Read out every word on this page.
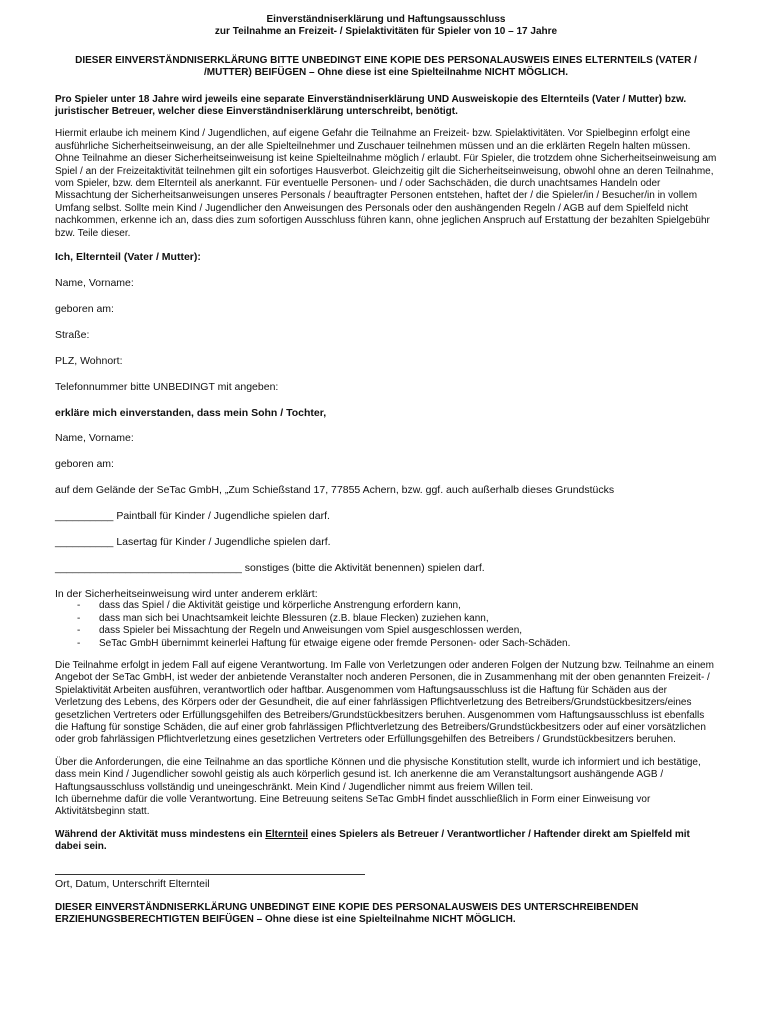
Einverständniserklärung und Haftungsausschluss
zur Teilnahme an Freizeit- / Spielaktivitäten für Spieler von 10 – 17 Jahre
DIESER EINVERSTÄNDNISERKLÄRUNG BITTE UNBEDINGT EINE KOPIE DES PERSONALAUSWEIS EINES ELTERNTEILS (VATER / /MUTTER) BEIFÜGEN – Ohne diese ist eine Spielteilnahme NICHT MÖGLICH.
Pro Spieler unter 18 Jahre wird jeweils eine separate Einverständniserklärung UND Ausweiskopie des Elternteils (Vater / Mutter) bzw. juristischer Betreuer, welcher diese Einverständniserklärung unterschreibt, benötigt.
Hiermit erlaube ich meinem Kind / Jugendlichen, auf eigene Gefahr die Teilnahme an Freizeit- bzw. Spielaktivitäten. Vor Spielbeginn erfolgt eine ausführliche Sicherheitseinweisung, an der alle Spielteilnehmer und Zuschauer teilnehmen müssen und an die erklärten Regeln halten müssen. Ohne Teilnahme an dieser Sicherheitseinweisung ist keine Spielteilnahme möglich / erlaubt. Für Spieler, die trotzdem ohne Sicherheitseinweisung am Spiel / an der Freizeitaktivität teilnehmen gilt ein sofortiges Hausverbot. Gleichzeitig gilt die Sicherheitseinweisung, obwohl ohne an deren Teilnahme, vom Spieler, bzw. dem Elternteil als anerkannt. Für eventuelle Personen- und / oder Sachschäden, die durch unachtsames Handeln oder Missachtung der Sicherheitsanweisungen unseres Personals / beauftragter Personen entstehen, haftet der / die Spieler/in / Besucher/in in vollem Umfang selbst. Sollte mein Kind / Jugendlicher den Anweisungen des Personals oder den aushängenden Regeln / AGB auf dem Spielfeld nicht nachkommen, erkenne ich an, dass dies zum sofortigen Ausschluss führen kann, ohne jeglichen Anspruch auf Erstattung der bezahlten Spielgebühr bzw. Teile dieser.
Ich, Elternteil (Vater / Mutter):
Name, Vorname:
geboren am:
Straße:
PLZ, Wohnort:
Telefonnummer bitte UNBEDINGT mit angeben:
erkläre mich einverstanden, dass mein Sohn / Tochter,
Name, Vorname:
geboren am:
auf dem Gelände der SeTac GmbH, „Zum Schießstand 17, 77855 Achern, bzw. ggf. auch außerhalb dieses Grundstücks
__________ Paintball für Kinder / Jugendliche spielen darf.
__________ Lasertag für Kinder / Jugendliche spielen darf.
________________________________ sonstiges (bitte die Aktivität benennen) spielen darf.
In der Sicherheitseinweisung wird unter anderem erklärt:
- dass das Spiel / die Aktivität geistige und körperliche Anstrengung erfordern kann,
- dass man sich bei Unachtsamkeit leichte Blessuren (z.B. blaue Flecken) zuziehen kann,
- dass Spieler bei Missachtung der Regeln und Anweisungen vom Spiel ausgeschlossen werden,
- SeTac GmbH übernimmt keinerlei Haftung für etwaige eigene oder fremde Personen- oder Sach-Schäden.
Die Teilnahme erfolgt in jedem Fall auf eigene Verantwortung. Im Falle von Verletzungen oder anderen Folgen der Nutzung bzw. Teilnahme an einem Angebot der SeTac GmbH, ist weder der anbietende Veranstalter noch anderen Personen, die in Zusammenhang mit der oben genannten Freizeit- / Spielaktivität Arbeiten ausführen, verantwortlich oder haftbar. Ausgenommen vom Haftungsausschluss ist die Haftung für Schäden aus der Verletzung des Lebens, des Körpers oder der Gesundheit, die auf einer fahrlässigen Pflichtverletzung des Betreibers/Grundstückbesitzers/eines gesetzlichen Vertreters oder Erfüllungsgehilfen des Betreibers/Grundstückbesitzers beruhen. Ausgenommen vom Haftungsausschluss ist ebenfalls die Haftung für sonstige Schäden, die auf einer grob fahrlässigen Pflichtverletzung des Betreibers/Grundstückbesitzers oder auf einer vorsätzlichen oder grob fahrlässigen Pflichtverletzung eines gesetzlichen Vertreters oder Erfüllungsgehilfen des Betreibers / Grundstückbesitzers beruhen.
Über die Anforderungen, die eine Teilnahme an das sportliche Können und die physische Konstitution stellt, wurde ich informiert und ich bestätige, dass mein Kind / Jugendlicher sowohl geistig als auch körperlich gesund ist. Ich anerkenne die am Veranstaltungsort aushängende AGB / Haftungsausschluss vollständig und uneingeschränkt. Mein Kind / Jugendlicher nimmt aus freiem Willen teil.
Ich übernehme dafür die volle Verantwortung. Eine Betreuung seitens SeTac GmbH findet ausschließlich in Form einer Einweisung vor Aktivitätsbeginn statt.
Während der Aktivität muss mindestens ein Elternteil eines Spielers als Betreuer / Verantwortlicher / Haftender direkt am Spielfeld mit dabei sein.
Ort, Datum, Unterschrift Elternteil
DIESER EINVERSTÄNDNISERKLÄRUNG UNBEDINGT EINE KOPIE DES PERSONALAUSWEIS DES UNTERSCHREIBENDEN ERZIEHUNGSBERECHTIGTEN BEIFÜGEN – Ohne diese ist eine Spielteilnahme NICHT MÖGLICH.
